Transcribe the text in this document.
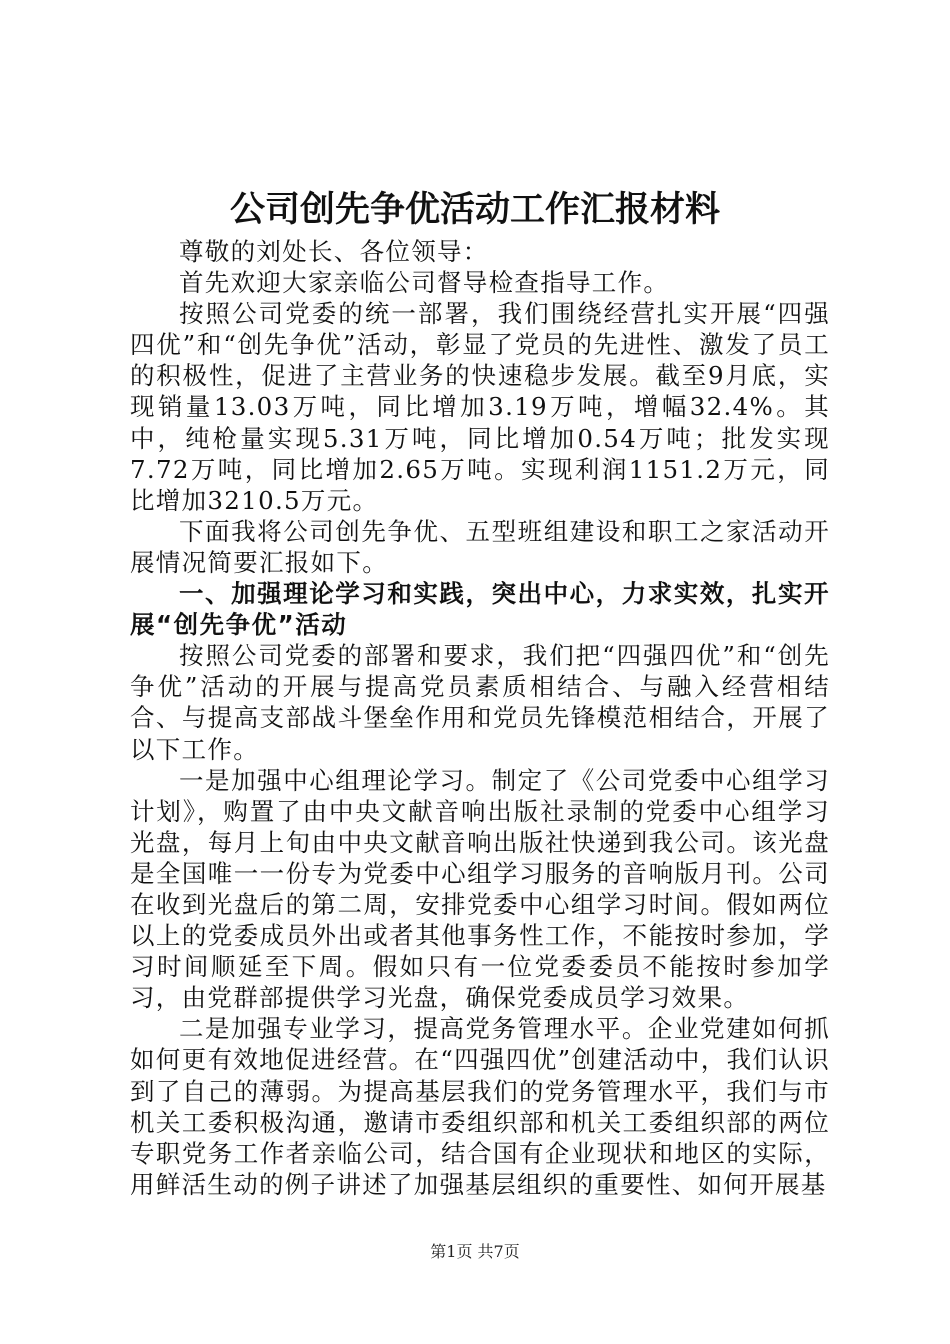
公司创先争优活动工作汇报材料

尊敬的刘处长、各位领导：

首先欢迎大家亲临公司督导检查指导工作。

按照公司党委的统一部署，我们围绕经营扎实开展“四强四优”和“创先争优”活动，彰显了党员的先进性、激发了员工的积极性，促进了主营业务的快速稳步发展。截至9月底，实现销量13.03万吨，同比增加3.19万吨，增幅32.4%。其中，纯枪量实现5.31万吨，同比增加0.54万吨；批发实现7.72万吨，同比增加2.65万吨。实现利润1151.2万元，同比增加3210.5万元。

下面我将公司创先争优、五型班组建设和职工之家活动开展情况简要汇报如下。

一、加强理论学习和实践，突出中心，力求实效，扎实开展“创先争优”活动

按照公司党委的部署和要求，我们把“四强四优”和“创先争优”活动的开展与提高党员素质相结合、与融入经营相结合、与提高支部战斗堡垒作用和党员先锋模范相结合，开展了以下工作。

一是加强中心组理论学习。制定了《公司党委中心组学习计划》，购置了由中央文献音响出版社录制的党委中心组学习光盘，每月上旬由中央文献音响出版社快递到我公司。该光盘是全国唯一一份专为党委中心组学习服务的音响版月刊。公司在收到光盘后的第二周，安排党委中心组学习时间。假如两位以上的党委成员外出或者其他事务性工作，不能按时参加，学习时间顺延至下周。假如只有一位党委委员不能按时参加学习，由党群部提供学习光盘，确保党委成员学习效果。

二是加强专业学习，提高党务管理水平。企业党建如何抓如何更有效地促进经营。在“四强四优”创建活动中，我们认识到了自己的薄弱。为提高基层我们的党务管理水平，我们与市机关工委积极沟通，邀请市委组织部和机关工委组织部的两位专职党务工作者亲临公司，结合国有企业现状和地区的实际，用鲜活生动的例子讲述了加强基层组织的重要性、如何开展基

第1页 共7页
